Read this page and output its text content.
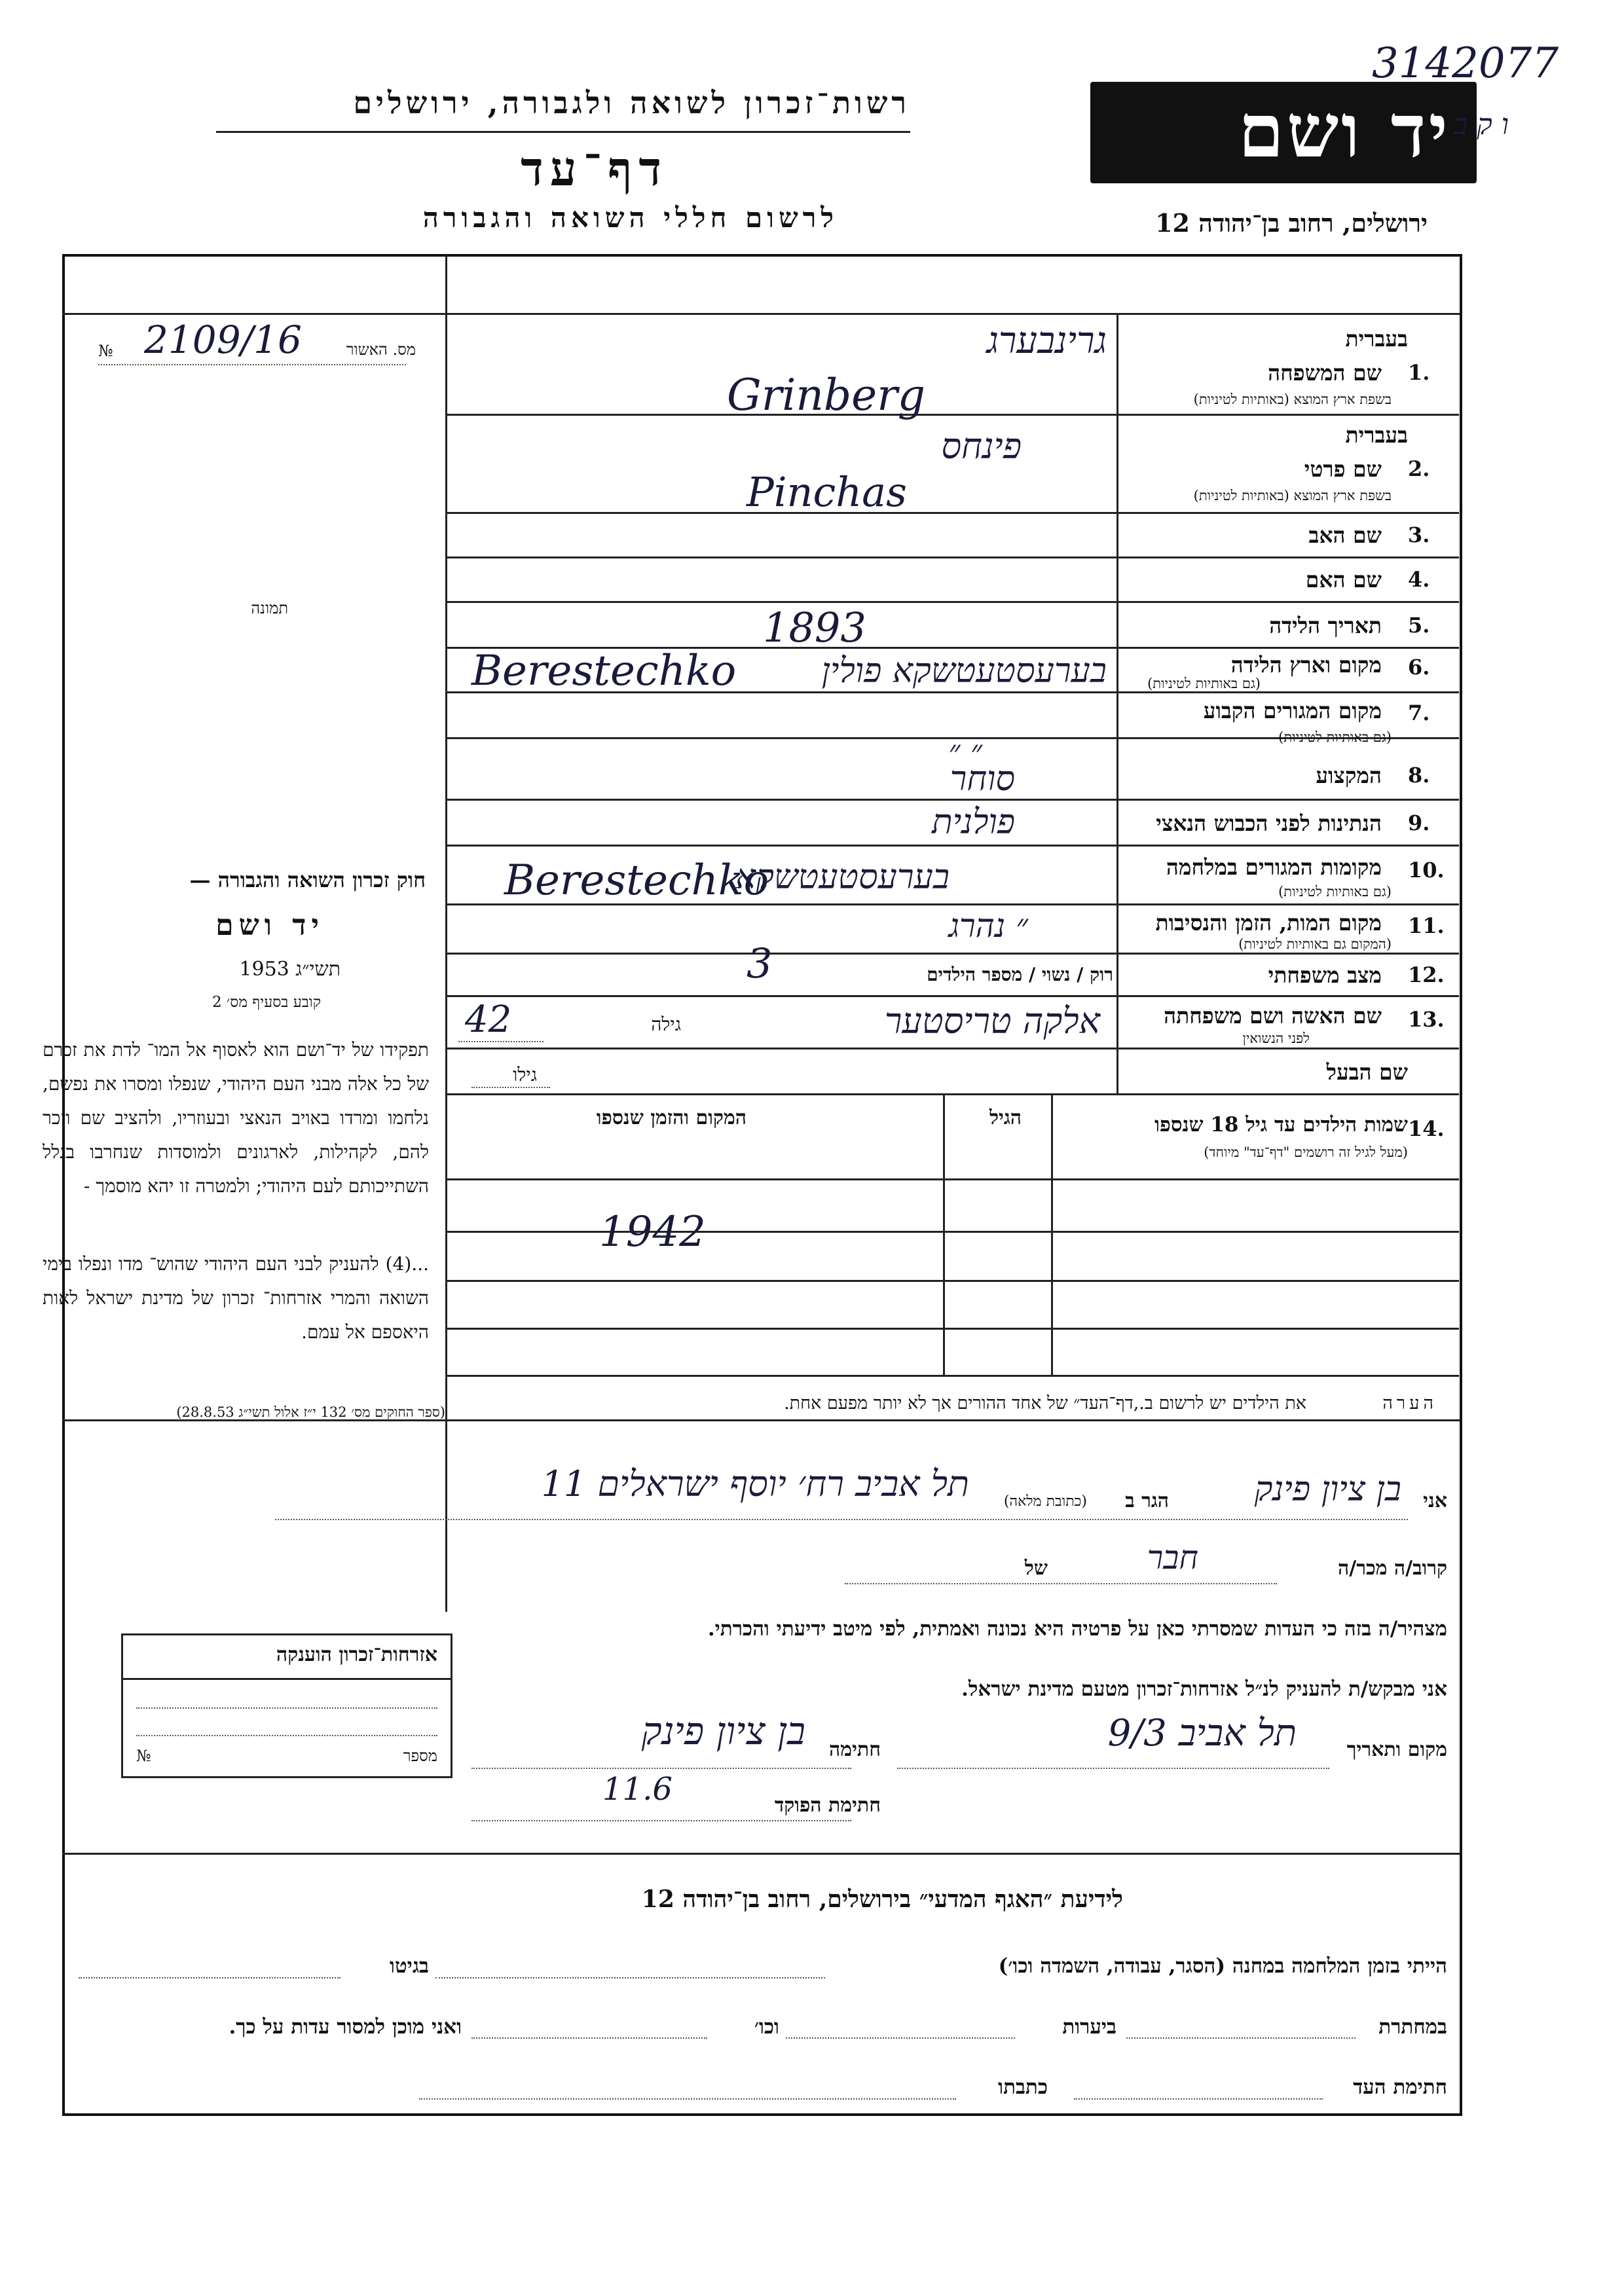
רשות־זכרון לשואה ולגבורה, ירושלים
דף־עד
לרשום חללי השואה והגבורה
יד ושם
ירושלים, רחוב בן־יהודה 12
3142077
ו ק ב
מס. האשור
№ 2109/16
תמונה
חוק זכרון השואה והגבורה —
יד ושם
תשי״ג 1953
קובע בסעיף מס׳ 2
תפקידו של יד־ושם הוא לאסוף אל המו־ לדת את זכרם של כל אלה מבני העם היהודי, שנפלו ומסרו את נפשם, נלחמו ומרדו באויב הנאצי ובעוזריו, ולהציב שם וזכר להם, לקהילות, לארגונים ולמוסדות שנחרבו בגלל השתייכותם לעם היהודי; ולמטרה זו יהא מוסמך -
...(4) להעניק לבני העם היהודי שהוש־ מדו ונפלו בימי השואה והמרי אזרחות־ זכרון של מדינת ישראל לאות היאספם אל עמם.
(ספר החוקים מס׳ 132 י״ז אלול תשי״ג 28.8.53)
1.
בעברית
שם המשפחה
בשפת ארץ המוצא (באותיות לטיניות)
גרינבערג
Grinberg
2.
בעברית
שם פרטי
בשפת ארץ המוצא (באותיות לטיניות)
פינחס
Pinchas
3.
שם האב
4.
שם האם
5.
תאריך הלידה
1893
6.
מקום וארץ הלידה
(גם באותיות לטיניות)
Berestechko	בערעסטעטשקא פולין
7.
מקום המגורים הקבוע
(גם באותיות לטיניות)
״ ״
8.
המקצוע
סוחר
9.
הנתינות לפני הכבוש הנאצי
פולנית
10.
מקומות המגורים במלחמה
(גם באותיות לטיניות)
Berestechko
בערעסטעטשקא
11.
מקום המות, הזמן והנסיבות
(המקום גם באותיות לטיניות)
״ נהרג
12.
מצב משפחתי
רוק / נשוי / מספר הילדים
3
13.
שם האשה ושם משפחתה
לפני הנשואין
אלקה טריסטער
גילה
42
שם הבעל
גילו
14.
שמות הילדים עד גיל 18 שנספו
(מעל לגיל זה רושמים "דף־עד" מיוחד)
הגיל
המקום והזמן שנספו
1942
הערה
את הילדים יש לרשום ב.,דף־העד״ של אחד ההורים אך לא יותר מפעם אחת.
אני
בן ציון פינק
הגר ב
(כתובת מלאה)
תל אביב רח׳ יוסף ישראלים 11
קרוב/ה מכר/ה
חבר
של
מצהיר/ה בזה כי העדות שמסרתי כאן על פרטיה היא נכונה ואמתית, לפי מיטב ידיעתי והכרתי.
אני מבקש/ת להעניק לנ״ל אזרחות־זכרון מטעם מדינת ישראל.
מקום ותאריך
תל אביב 9/3
חתימה
בן ציון פינק
חתימת הפוקד
11.6
אזרחות־זכרון הוענקה
מספר
№
לידיעת ״האגף המדעי״ בירושלים, רחוב בן־יהודה 12
הייתי בזמן המלחמה במחנה (הסגר, עבודה, השמדה וכו׳)
בגיטו
במחתרת
ביערות
וכו׳
ואני מוכן למסור עדות על כך.
חתימת העד
כתבתו
